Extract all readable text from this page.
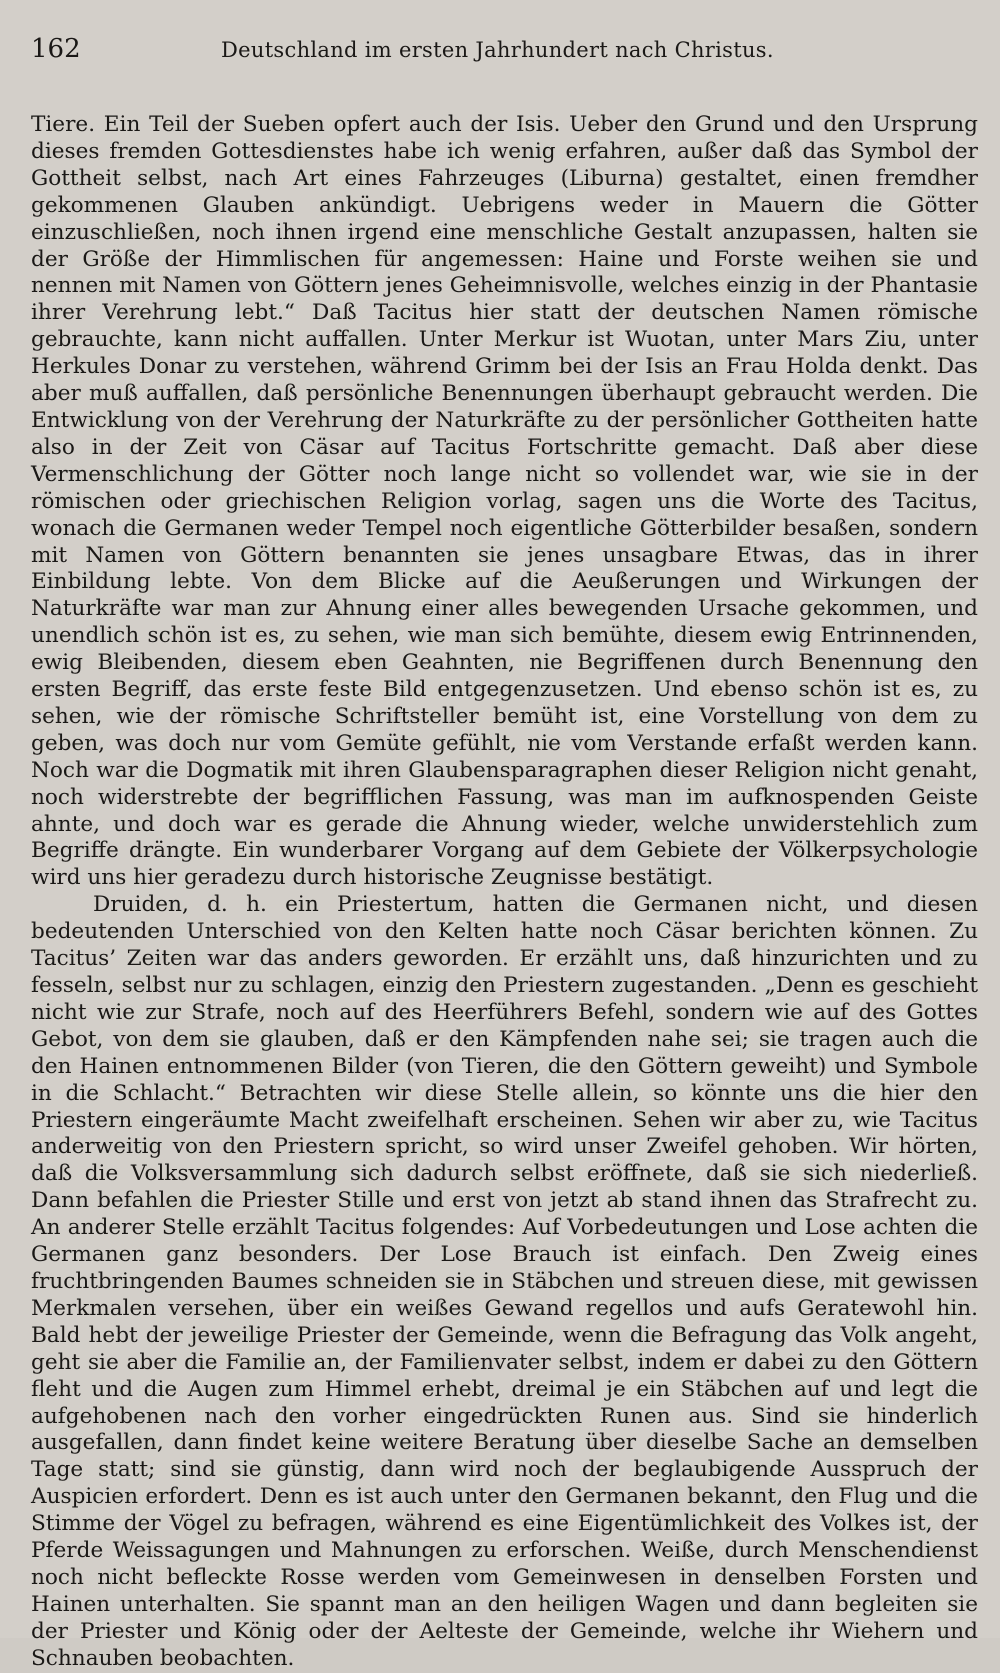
162	Deutschland im ersten Jahrhundert nach Christus.

Tiere. Ein Teil der Sueben opfert auch der Isis. Ueber den Grund und den Ursprung dieses fremden Gottesdienstes habe ich wenig erfahren, außer daß das Symbol der Gottheit selbst, nach Art eines Fahrzeuges (Liburna) gestaltet, einen fremdher gekommenen Glauben ankündigt. Uebrigens weder in Mauern die Götter einzuschließen, noch ihnen irgend eine menschliche Gestalt anzupassen, halten sie der Größe der Himmlischen für angemessen: Haine und Forste weihen sie und nennen mit Namen von Göttern jenes Geheimnisvolle, welches einzig in der Phantasie ihrer Verehrung lebt.“ Daß Tacitus hier statt der deutschen Namen römische gebrauchte, kann nicht auffallen. Unter Merkur ist Wuotan, unter Mars Ziu, unter Herkules Donar zu verstehen, während Grimm bei der Isis an Frau Holda denkt. Das aber muß auffallen, daß persönliche Benennungen überhaupt gebraucht werden. Die Entwicklung von der Verehrung der Naturkräfte zu der persönlicher Gottheiten hatte also in der Zeit von Cäsar auf Tacitus Fortschritte gemacht. Daß aber diese Vermenschlichung der Götter noch lange nicht so vollendet war, wie sie in der römischen oder griechischen Religion vorlag, sagen uns die Worte des Tacitus, wonach die Germanen weder Tempel noch eigentliche Götterbilder besaßen, sondern mit Namen von Göttern benannten sie jenes unsagbare Etwas, das in ihrer Einbildung lebte. Von dem Blicke auf die Aeußerungen und Wirkungen der Naturkräfte war man zur Ahnung einer alles bewegenden Ursache gekommen, und unendlich schön ist es, zu sehen, wie man sich bemühte, diesem ewig Entrinnenden, ewig Bleibenden, diesem eben Geahnten, nie Begriffenen durch Benennung den ersten Begriff, das erste feste Bild entgegenzusetzen. Und ebenso schön ist es, zu sehen, wie der römische Schriftsteller bemüht ist, eine Vorstellung von dem zu geben, was doch nur vom Gemüte gefühlt, nie vom Verstande erfaßt werden kann. Noch war die Dogmatik mit ihren Glaubensparagraphen dieser Religion nicht genaht, noch widerstrebte der begrifflichen Fassung, was man im aufknospenden Geiste ahnte, und doch war es gerade die Ahnung wieder, welche unwiderstehlich zum Begriffe drängte. Ein wunderbarer Vorgang auf dem Gebiete der Völkerpsychologie wird uns hier geradezu durch historische Zeugnisse bestätigt.

Druiden, d. h. ein Priestertum, hatten die Germanen nicht, und diesen bedeutenden Unterschied von den Kelten hatte noch Cäsar berichten können. Zu Tacitus’ Zeiten war das anders geworden. Er erzählt uns, daß hinzurichten und zu fesseln, selbst nur zu schlagen, einzig den Priestern zugestanden. „Denn es geschieht nicht wie zur Strafe, noch auf des Heerführers Befehl, sondern wie auf des Gottes Gebot, von dem sie glauben, daß er den Kämpfenden nahe sei; sie tragen auch die den Hainen entnommenen Bilder (von Tieren, die den Göttern geweiht) und Symbole in die Schlacht.“ Betrachten wir diese Stelle allein, so könnte uns die hier den Priestern eingeräumte Macht zweifelhaft erscheinen. Sehen wir aber zu, wie Tacitus anderweitig von den Priestern spricht, so wird unser Zweifel gehoben. Wir hörten, daß die Volksversammlung sich dadurch selbst eröffnete, daß sie sich niederließ. Dann befahlen die Priester Stille und erst von jetzt ab stand ihnen das Strafrecht zu. An anderer Stelle erzählt Tacitus folgendes: Auf Vorbedeutungen und Lose achten die Germanen ganz besonders. Der Lose Brauch ist einfach. Den Zweig eines fruchtbringenden Baumes schneiden sie in Stäbchen und streuen diese, mit gewissen Merkmalen versehen, über ein weißes Gewand regellos und aufs Geratewohl hin. Bald hebt der jeweilige Priester der Gemeinde, wenn die Befragung das Volk angeht, geht sie aber die Familie an, der Familienvater selbst, indem er dabei zu den Göttern fleht und die Augen zum Himmel erhebt, dreimal je ein Stäbchen auf und legt die aufgehobenen nach den vorher eingedrückten Runen aus. Sind sie hinderlich ausgefallen, dann findet keine weitere Beratung über dieselbe Sache an demselben Tage statt; sind sie günstig, dann wird noch der beglaubigende Ausspruch der Auspicien erfordert. Denn es ist auch unter den Germanen bekannt, den Flug und die Stimme der Vögel zu befragen, während es eine Eigentümlichkeit des Volkes ist, der Pferde Weissagungen und Mahnungen zu erforschen. Weiße, durch Menschendienst noch nicht befleckte Rosse werden vom Gemeinwesen in denselben Forsten und Hainen unterhalten. Sie spannt man an den heiligen Wagen und dann begleiten sie der Priester und König oder der Aelteste der Gemeinde, welche ihr Wiehern und Schnauben beobachten.
